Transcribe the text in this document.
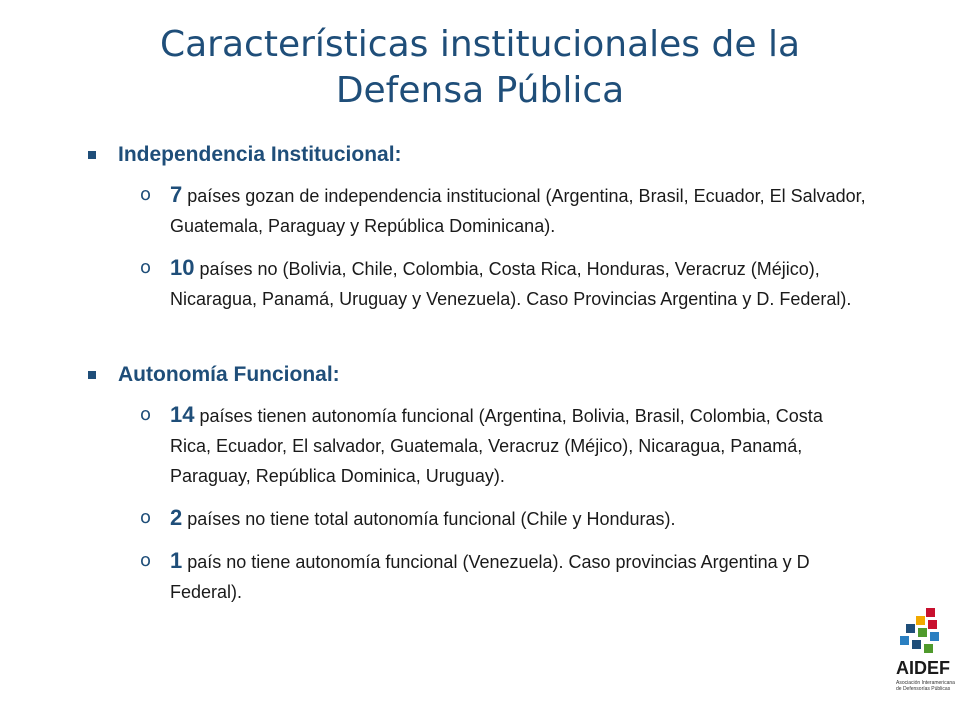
Características institucionales de la
Defensa Pública
Independencia Institucional:
o 7 países gozan de independencia institucional (Argentina, Brasil, Ecuador, El Salvador, Guatemala, Paraguay y República Dominicana).
o 10 países no (Bolivia, Chile, Colombia, Costa Rica, Honduras, Veracruz (Méjico), Nicaragua, Panamá, Uruguay y Venezuela). Caso Provincias Argentina y D. Federal).
Autonomía Funcional:
o 14 países tienen autonomía funcional (Argentina, Bolivia, Brasil, Colombia, Costa Rica, Ecuador, El salvador, Guatemala, Veracruz (Méjico), Nicaragua, Panamá, Paraguay, República Dominica, Uruguay).
o 2 países no tiene total autonomía funcional (Chile y Honduras).
o 1 país no tiene autonomía funcional (Venezuela). Caso provincias Argentina y D Federal).
AIDEF
Asociación Interamericana de Defensorías Públicas
